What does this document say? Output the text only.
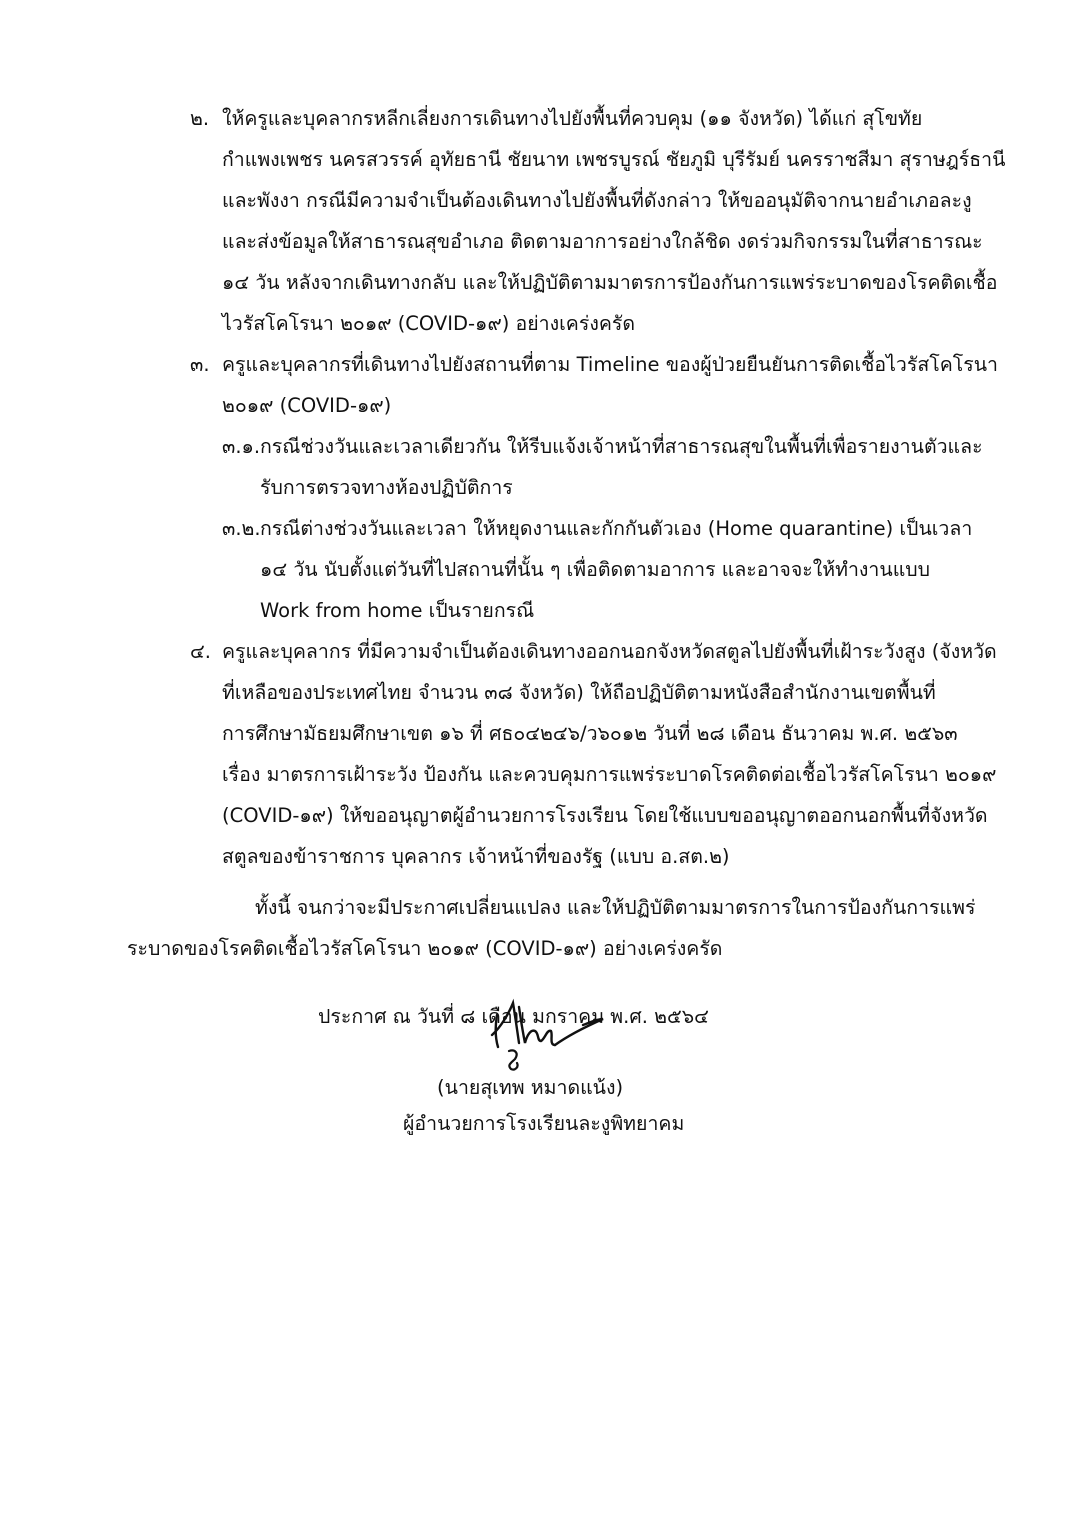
๒. ให้ครูและบุคลากรหลีกเลี่ยงการเดินทางไปยังพื้นที่ควบคุม (๑๑ จังหวัด) ได้แก่ สุโขทัย
กำแพงเพชร นครสวรรค์ อุทัยธานี ชัยนาท เพชรบูรณ์ ชัยภูมิ บุรีรัมย์ นครราชสีมา สุราษฎร์ธานี
และพังงา กรณีมีความจำเป็นต้องเดินทางไปยังพื้นที่ดังกล่าว ให้ขออนุมัติจากนายอำเภอละงู
และส่งข้อมูลให้สาธารณสุขอำเภอ ติดตามอาการอย่างใกล้ชิด งดร่วมกิจกรรมในที่สาธารณะ
๑๔ วัน หลังจากเดินทางกลับ และให้ปฏิบัติตามมาตรการป้องกันการแพร่ระบาดของโรคติดเชื้อ
ไวรัสโคโรนา ๒๐๑๙ (COVID-๑๙) อย่างเคร่งครัด
๓. ครูและบุคลากรที่เดินทางไปยังสถานที่ตาม Timeline ของผู้ป่วยยืนยันการติดเชื้อไวรัสโคโรนา
๒๐๑๙ (COVID-๑๙)
๓.๑. กรณีช่วงวันและเวลาเดียวกัน ให้รีบแจ้งเจ้าหน้าที่สาธารณสุขในพื้นที่เพื่อรายงานตัวและ
รับการตรวจทางห้องปฏิบัติการ
๓.๒. กรณีต่างช่วงวันและเวลา ให้หยุดงานและกักกันตัวเอง (Home quarantine) เป็นเวลา
๑๔ วัน นับตั้งแต่วันที่ไปสถานที่นั้น ๆ เพื่อติดตามอาการ และอาจจะให้ทำงานแบบ
Work from home เป็นรายกรณี
๔. ครูและบุคลากร ที่มีความจำเป็นต้องเดินทางออกนอกจังหวัดสตูลไปยังพื้นที่เฝ้าระวังสูง (จังหวัด
ที่เหลือของประเทศไทย จำนวน ๓๘ จังหวัด) ให้ถือปฏิบัติตามหนังสือสำนักงานเขตพื้นที่
การศึกษามัธยมศึกษาเขต ๑๖ ที่ ศธ๐๔๒๔๖/ว๖๐๑๒ วันที่ ๒๘ เดือน ธันวาคม พ.ศ. ๒๕๖๓
เรื่อง มาตรการเฝ้าระวัง ป้องกัน และควบคุมการแพร่ระบาดโรคติดต่อเชื้อไวรัสโคโรนา ๒๐๑๙
(COVID-๑๙) ให้ขออนุญาตผู้อำนวยการโรงเรียน โดยใช้แบบขออนุญาตออกนอกพื้นที่จังหวัด
สตูลของข้าราชการ บุคลากร เจ้าหน้าที่ของรัฐ (แบบ อ.สต.๒)
ทั้งนี้ จนกว่าจะมีประกาศเปลี่ยนแปลง และให้ปฏิบัติตามมาตรการในการป้องกันการแพร่
ระบาดของโรคติดเชื้อไวรัสโคโรนา ๒๐๑๙ (COVID-๑๙) อย่างเคร่งครัด
ประกาศ ณ วันที่ ๘ เดือน มกราคม พ.ศ. ๒๕๖๔
(นายสุเทพ หมาดแน้ง)
ผู้อำนวยการโรงเรียนละงูพิทยาคม
